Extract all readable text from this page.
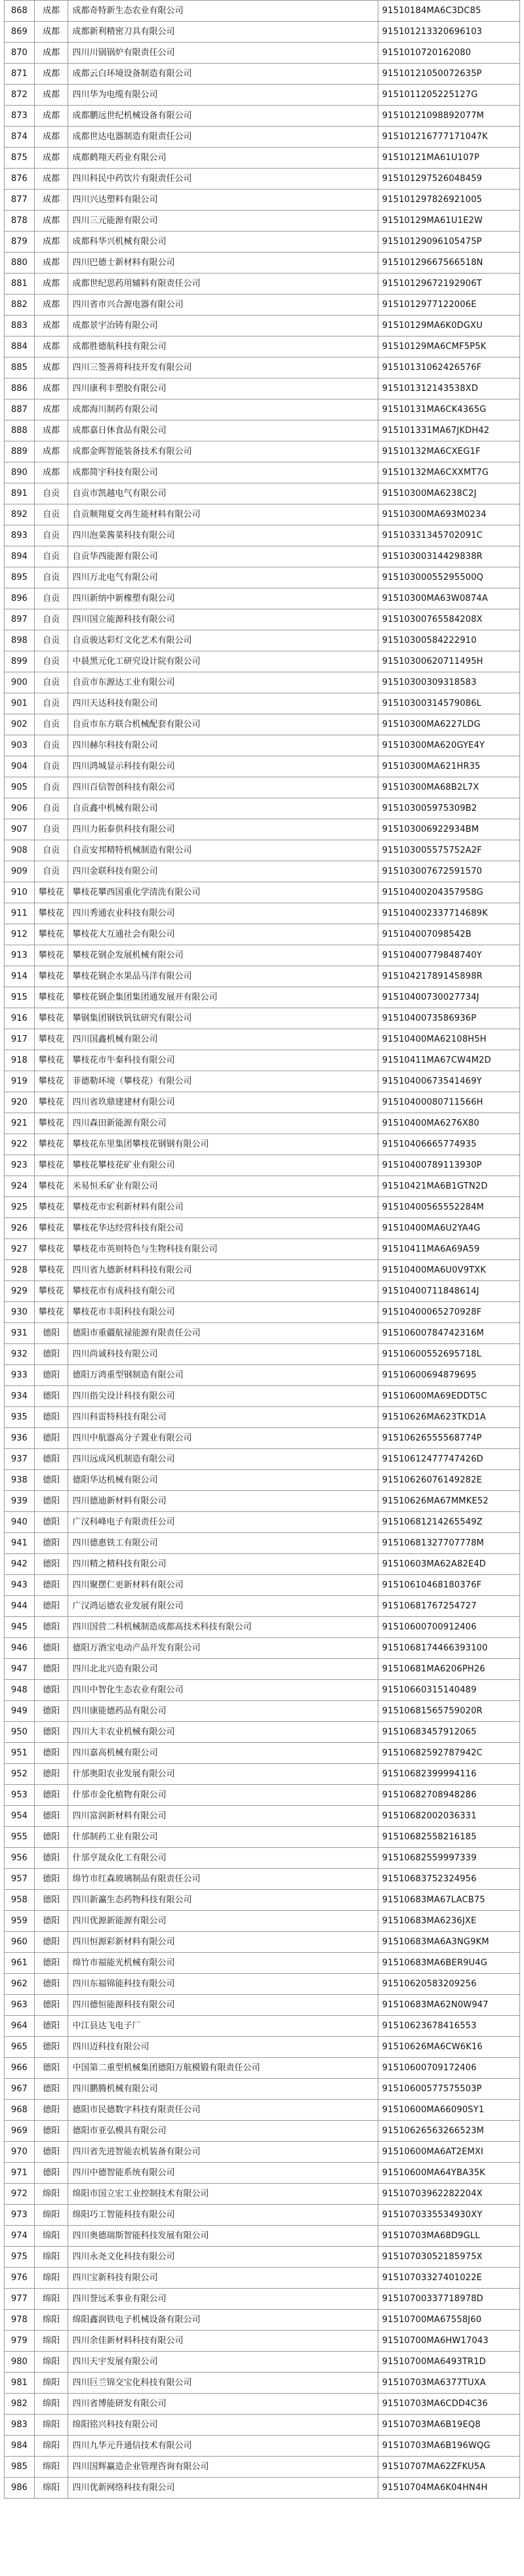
868	成都	成都奇特新生态农业有限公司	91510184MA6C3DC85
869	成都	成都新利精密刀具有限公司	915101213320696103
870	成都	四川川锅锅炉有限责任公司	9151010720162080
871	成都	成都云白环境设备制造有限公司	91510121050072635P
872	成都	四川华为电缆有限公司	9151011205225127G
873	成都	成都鹏远世纪机械设备有限公司	91510121098892077M
874	成都	成都世达电器制造有限责任公司	915101216777171047K
875	成都	成都鹤翔天药业有限公司	91510121MA61U107P
876	成都	四川科民中药饮片有限责任公司	915101297526048459
877	成都	四川兴达塑料有限公司	915101297826921005
878	成都	四川三元能源有限公司	91510129MA61U1E2W
879	成都	成都科华兴机械有限公司	91510129096105475P
880	成都	四川巴德士新材料有限公司	91510129667566518N
881	成都	成都世纪思药用辅料有限责任公司	91510129672192906T
882	成都	四川省市兴合源电器有限公司	9151012977122006E
883	成都	成都景宇冶铸有限公司	91510129MA6K0DGXU
884	成都	成都胜德航科技有限公司	91510129MA6CMF5P5K
885	成都	四川三签善将科技开发有限公司	91510131062426576F
886	成都	四川康利丰塑胶有限公司	915101312143538XD
887	成都	成都海川制药有限公司	91510131MA6CK4365G
888	成都	成都嘉日休食品有限公司	915101331MA67JKDH42
889	成都	成都金晖智能装备技术有限公司	91510132MA6CXEG1F
890	成都	成都简宇科技有限公司	91510132MA6CXXMT7G
891	自贡	自贡市凯越电气有限公司	91510300MA6238C2J
892	自贡	自贡顺翔夏交再生能材料有限公司	91510300MA693M0234
893	自贡	四川泡菜酱菜科技有限公司	91510331345702091C
894	自贡	自贡华西能源有限公司	91510300314429838R
895	自贡	四川万北电气有限公司	91510300055295500Q
896	自贡	四川新纳中新橡塑有限公司	91510300MA63W0874A
897	自贡	四川国立能源科技有限公司	91510300765584208X
898	自贡	自贡骏达彩灯文化艺术有限公司	91510300584222910
899	自贡	中晨黑元化工研究设计院有限公司	91510300620711495H
900	自贡	自贡市东源达工业有限公司	91510300309318583
901	自贡	四川天达科技有限公司	91510300314579086L
902	自贡	自贡市东方联合机械配套有限公司	91510300MA6227LDG
903	自贡	四川赫尔科技有限公司	91510300MA620GYE4Y
904	自贡	四川鸿城显示科技有限公司	91510300MA621HR35
905	自贡	四川百信智创科技有限公司	91510300MA68B2L7X
906	自贡	自贡鑫中机械有限公司	915103005975309B2
907	自贡	四川力拓泰供科技有限公司	915103006922934BM
908	自贡	自贡安邦精特机械制造有限公司	915103005575752A2F
909	自贡	四川金联科技有限公司	915103007672591570
910	攀枝花	攀枝花攀西国重化学清洗有限公司	91510400204357958G
911	攀枝花	四川秀通农业科技有限公司	915104002337714689K
912	攀枝花	攀枝花大互通社会有限公司	915104007098542B
913	攀枝花	攀枝花钢企发展机械有限公司	91510400779848740Y
914	攀枝花	攀枝花钢企水果品马洋有限公司	91510421789145898R
915	攀枝花	攀枝花钢企集团集团通发展开有限公司	91510400730027734J
916	攀枝花	攀钢集团钢铁钒钛研究有限公司	9151040073586936P
917	攀枝花	四川国鑫机械有限公司	91510400MA62108H5H
918	攀枝花	攀枝花市牛秦科技有限公司	91510411MA67CW4M2D
919	攀枝花	菲德勒环境（攀枝花）有限公司	91510400673541469Y
920	攀枝花	四川省玖鼎建建材有限公司	91510400080711566H
921	攀枝花	四川森田新能源有限公司	91510400MA6276X80
922	攀枝花	攀枝花东里集团攀枝花钢钢有限公司	91510406665774935
923	攀枝花	攀枝花攀枝花矿业有限公司	91510400789113930P
924	攀枝花	米易恒禾矿业有限公司	91510421MA6B1GTN2D
925	攀枝花	攀枝花市宏利新材料有限公司	91510400565552284M
926	攀枝花	攀枝花华达经营科技有限公司	91510400MA6U2YA4G
927	攀枝花	攀枝花市英则特色与生物科技有限公司	91510411MA6A69A59
928	攀枝花	四川省九德新材料科技有限公司	91510400MA6U0V9TXK
929	攀枝花	攀枝花市有成科技有限公司	91510400711848614J
930	攀枝花	攀枝花市丰阳科技有限公司	91510400065270928F
931	德阳	德阳市重疆航禄能源有限责任公司	91510600784742316M
932	德阳	四川尚诚科技有限公司	91510600552695718L
933	德阳	德阳万鸿重型钢制造有限公司	91510600694879695
934	德阳	四川指尖设计科技有限公司	91510600MA69EDDT5C
935	德阳	四川科雷特科技有限公司	91510626MA623TKD1A
936	德阳	四川中航器高分子置业有限公司	91510626555568774P
937	德阳	四川远成风机制造有限公司	91510612477747426D
938	德阳	德阳华达机械有限公司	91510626076149282E
939	德阳	四川德迪新材料有限公司	91510626MA67MMKE52
940	德阳	广汉科峰电子有限责任公司	91510681214265549Z
941	德阳	四川德惠铁工有限公司	91510681327707778M
942	德阳	四川精之精科技有限公司	91510603MA62A82E4D
943	德阳	四川聚摆仁更新材料有限公司	91510610468180376F
944	德阳	广汉鸿运德农业发展有限公司	91510681767254727
945	德阳	四川国营二科机械制造成都高技术科技有限公司	91510600700912406
946	德阳	德阳万酒宝电动产品开发有限公司	9151068174466393100
947	德阳	四川北北兴造有限公司	91510681MA6206PH26
948	德阳	四川中智化生态农业有限公司	91510660315140489
949	德阳	四川康能德药品有限公司	91510681565759020R
950	德阳	四川大丰农业机械有限公司	91510683457912065
951	德阳	四川嘉高机械有限公司	91510682592787942C
952	德阳	什邡奥阳农业发展有限公司	91510682399994116
953	德阳	什邡市金化植物有限公司	91510682708948286
954	德阳	四川富润新材料有限公司	91510682002036331
955	德阳	什邡制药工业有限公司	91510682558216185
956	德阳	什邡亨晟众化工有限公司	91510682559997339
957	德阳	绵竹市红森玻璃制品有限责任公司	91510683752324956
958	德阳	四川新瀛生态药物科技有限公司	91510683MA67LACB75
959	德阳	四川优源新能源有限公司	91510683MA6236JXE
960	德阳	四川恒源彩新材料有限公司	91510683MA6A3NG9KM
961	德阳	绵竹市福能光机械有限公司	91510683MA6BER9U4G
962	德阳	四川东福锦能科技有限公司	91510620583209256
963	德阳	四川德恒能源科技有限公司	91510683MA62N0W947
964	德阳	中江县达飞电子厂	91510623678416553
965	德阳	四川迈科技有限公司	91510626MA6CW6K16
966	德阳	中国第二重型机械集团德阳万航模锻有限责任公司	91510600709172406
967	德阳	四川鹏腾机械有限公司	91510600577575503P
968	德阳	德阳市民德数字科技有限责任公司	91510600MA66090SY1
969	德阳	德阳市亚弘模具有限公司	91510626563266523M
970	德阳	四川省先进智能农机装备有限公司	91510600MA6AT2EMXI
971	德阳	四川中德智能系统有限公司	91510600MA64YBA35K
972	绵阳	绵阳市国立宏工业控制技术有限公司	91510703962282204X
973	绵阳	绵阳巧工智能科技有限公司	9151070335534930XY
974	绵阳	四川奥德瑞斯智能科技发展有限公司	91510703MA68D9GLL
975	绵阳	四川永尧文化科技有限公司	91510703052185975X
976	绵阳	四川宝新科技有限公司	91510703327401022E
977	绵阳	四川誉远禾事业有限公司	91510700337718978D
978	绵阳	绵阳鑫润铁电子机械设备有限公司	91510700MA67558J60
979	绵阳	四川余佳新材料科技有限公司	91510700MA6HW17043
980	绵阳	四川天宇发展有限公司	91510700MA6493TR1D
981	绵阳	四川巨兰锦交宝化科技有限公司	91510703MA6377TUXA
982	绵阳	四川省博能研发有限公司	91510703MA6CDD4C36
983	绵阳	绵阳铭兴科技有限公司	91510703MA6B19EQ8
984	绵阳	四川九华元升通信技术有限公司	91510703MA6B196WQG
985	绵阳	四川国辉赢造企业管理咨询有限公司	91510707MA62ZFKU5A
986	绵阳	四川优新网络科技有限公司	91510704MA6K04HN4H
